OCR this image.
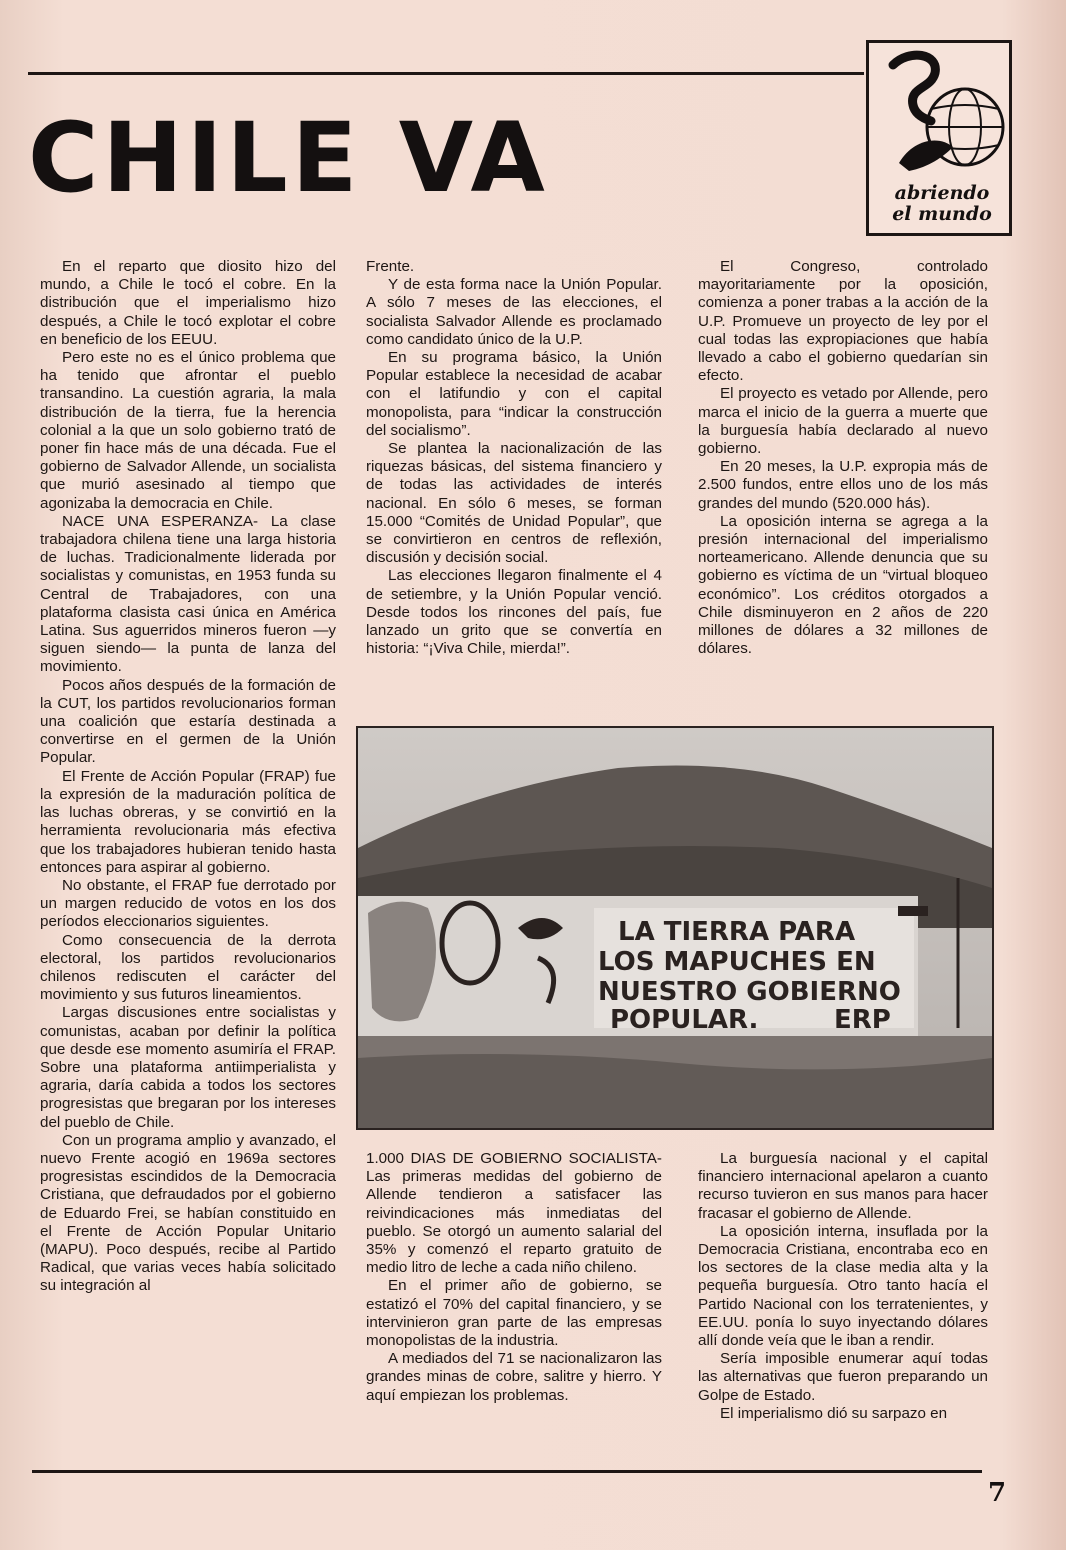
CHILE VA	abriendo
el mundo

En el reparto que diosito hizo del mundo, a Chile le tocó el cobre. En la distribución que el imperialismo hizo después, a Chile le tocó explotar el cobre en beneficio de los EEUU.

Pero este no es el único problema que ha tenido que afrontar el pueblo transandino. La cuestión agraria, la mala distribución de la tierra, fue la herencia colonial a la que un solo gobierno trató de poner fin hace más de una década. Fue el gobierno de Salvador Allende, un socialista que murió asesinado al tiempo que agonizaba la democracia en Chile.

NACE UNA ESPERANZA- La clase trabajadora chilena tiene una larga historia de luchas. Tradicionalmente liderada por socialistas y comunistas, en 1953 funda su Central de Trabajadores, con una plataforma clasista casi única en América Latina. Sus aguerridos mineros fueron —y siguen siendo— la punta de lanza del movimiento.

Pocos años después de la formación de la CUT, los partidos revolucionarios forman una coalición que estaría destinada a convertirse en el germen de la Unión Popular.

El Frente de Acción Popular (FRAP) fue la expresión de la maduración política de las luchas obreras, y se convirtió en la herramienta revolucionaria más efectiva que los trabajadores hubieran tenido hasta entonces para aspirar al gobierno.

No obstante, el FRAP fue derrotado por un margen reducido de votos en los dos períodos eleccionarios siguientes.

Como consecuencia de la derrota electoral, los partidos revolucionarios chilenos rediscuten el carácter del movimiento y sus futuros lineamientos.

Largas discusiones entre socialistas y comunistas, acaban por definir la política que desde ese momento asumiría el FRAP. Sobre una plataforma antiimperialista y agraria, daría cabida a todos los sectores progresistas que bregaran por los intereses del pueblo de Chile.

Con un programa amplio y avanzado, el nuevo Frente acogió en 1969a sectores progresistas escindidos de la Democracia Cristiana, que defraudados por el gobierno de Eduardo Frei, se habían constituido en el Frente de Acción Popular Unitario (MAPU). Poco después, recibe al Partido Radical, que varias veces había solicitado su integración al

Frente.

Y de esta forma nace la Unión Popular. A sólo 7 meses de las elecciones, el socialista Salvador Allende es proclamado como candidato único de la U.P.

En su programa básico, la Unión Popular establece la necesidad de acabar con el latifundio y con el capital monopolista, para “indicar la construcción del socialismo”.

Se plantea la nacionalización de las riquezas básicas, del sistema financiero y de todas las actividades de interés nacional. En sólo 6 meses, se forman 15.000 “Comités de Unidad Popular”, que se convirtieron en centros de reflexión, discusión y decisión social.

Las elecciones llegaron finalmente el 4 de setiembre, y la Unión Popular venció. Desde todos los rincones del país, fue lanzado un grito que se convertía en historia: “¡Viva Chile, mierda!”.

El Congreso, controlado mayoritariamente por la oposición, comienza a poner trabas a la acción de la U.P. Promueve un proyecto de ley por el cual todas las expropiaciones que había llevado a cabo el gobierno quedarían sin efecto.

El proyecto es vetado por Allende, pero marca el inicio de la guerra a muerte que la burguesía había declarado al nuevo gobierno.

En 20 meses, la U.P. expropia más de 2.500 fundos, entre ellos uno de los más grandes del mundo (520.000 hás).

La oposición interna se agrega a la presión internacional del imperialismo norteamericano. Allende denuncia que su gobierno es víctima de un “virtual bloqueo económico”. Los créditos otorgados a Chile disminuyeron en 2 años de 220 millones de dólares a 32 millones de dólares.

LA TIERRA PARA
LOS MAPUCHES EN
NUESTRO GOBIERNO
POPULAR.	ERP

1.000 DIAS DE GOBIERNO SOCIALISTA- Las primeras medidas del gobierno de Allende tendieron a satisfacer las reivindicaciones más inmediatas del pueblo. Se otorgó un aumento salarial del 35% y comenzó el reparto gratuito de medio litro de leche a cada niño chileno.

En el primer año de gobierno, se estatizó el 70% del capital financiero, y se intervinieron gran parte de las empresas monopolistas de la industria.

A mediados del 71 se nacionalizaron las grandes minas de cobre, salitre y hierro. Y aquí empiezan los problemas.

La burguesía nacional y el capital financiero internacional apelaron a cuanto recurso tuvieron en sus manos para hacer fracasar el gobierno de Allende.

La oposición interna, insuflada por la Democracia Cristiana, encontraba eco en los sectores de la clase media alta y la pequeña burguesía. Otro tanto hacía el Partido Nacional con los terratenientes, y EE.UU. ponía lo suyo inyectando dólares allí donde veía que le iban a rendir.

Sería imposible enumerar aquí todas las alternativas que fueron preparando un Golpe de Estado.

El imperialismo dió su sarpazo en

7
